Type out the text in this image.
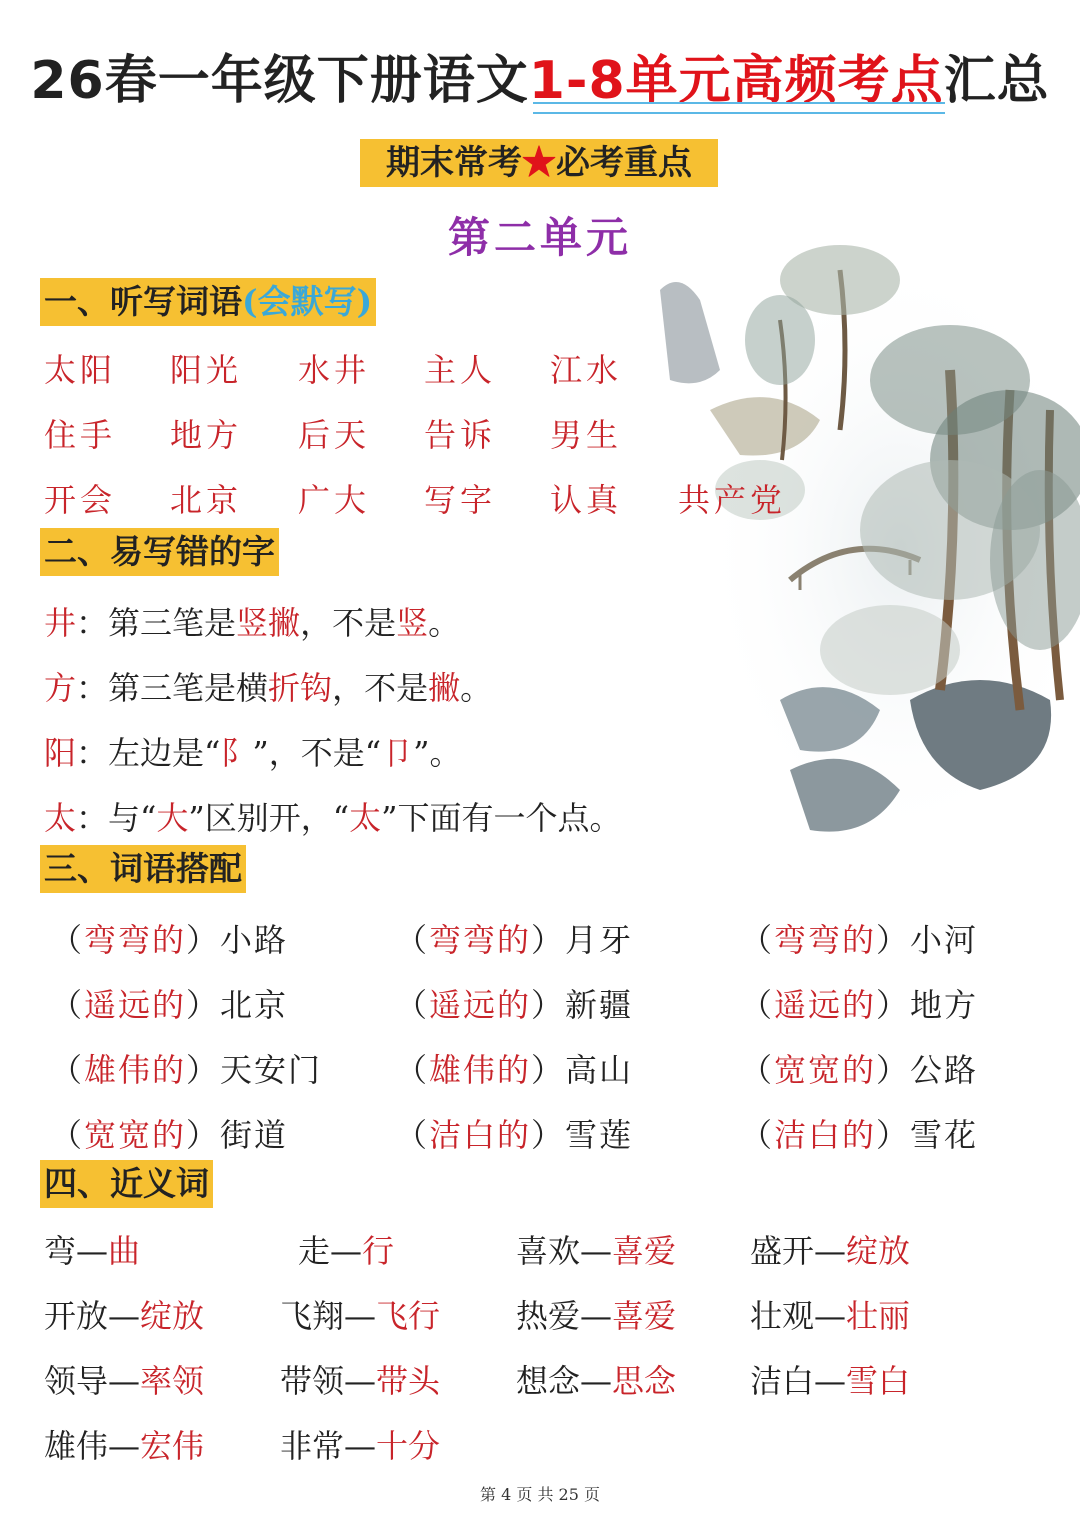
26春一年级下册语文1-8单元高频考点汇总
期末常考★必考重点
第二单元
一、听写词语(会默写)
太阳 阳光 水井 主人 江水
住手 地方 后天 告诉 男生
开会 北京 广大 写字 认真 共产党
二、易写错的字
井：第三笔是竖撇，不是竖。
方：第三笔是横折钩，不是撇。
阳：左边是“阝”，不是“卩”。
太：与“大”区别开，“太”下面有一个点。
三、词语搭配
（弯弯的）小路	（弯弯的）月牙	（弯弯的）小河
（遥远的）北京	（遥远的）新疆	（遥远的）地方
（雄伟的）天安门 （雄伟的）高山	（宽宽的）公路
（宽宽的）街道	（洁白的）雪莲	（洁白的）雪花
四、近义词
弯—曲	走—行	喜欢—喜爱 盛开—绽放
开放—绽放 飞翔—飞行 热爱—喜爱 壮观—壮丽
领导—率领 带领—带头 想念—思念 洁白—雪白
雄伟—宏伟 非常—十分
第 4 页 共 25 页
